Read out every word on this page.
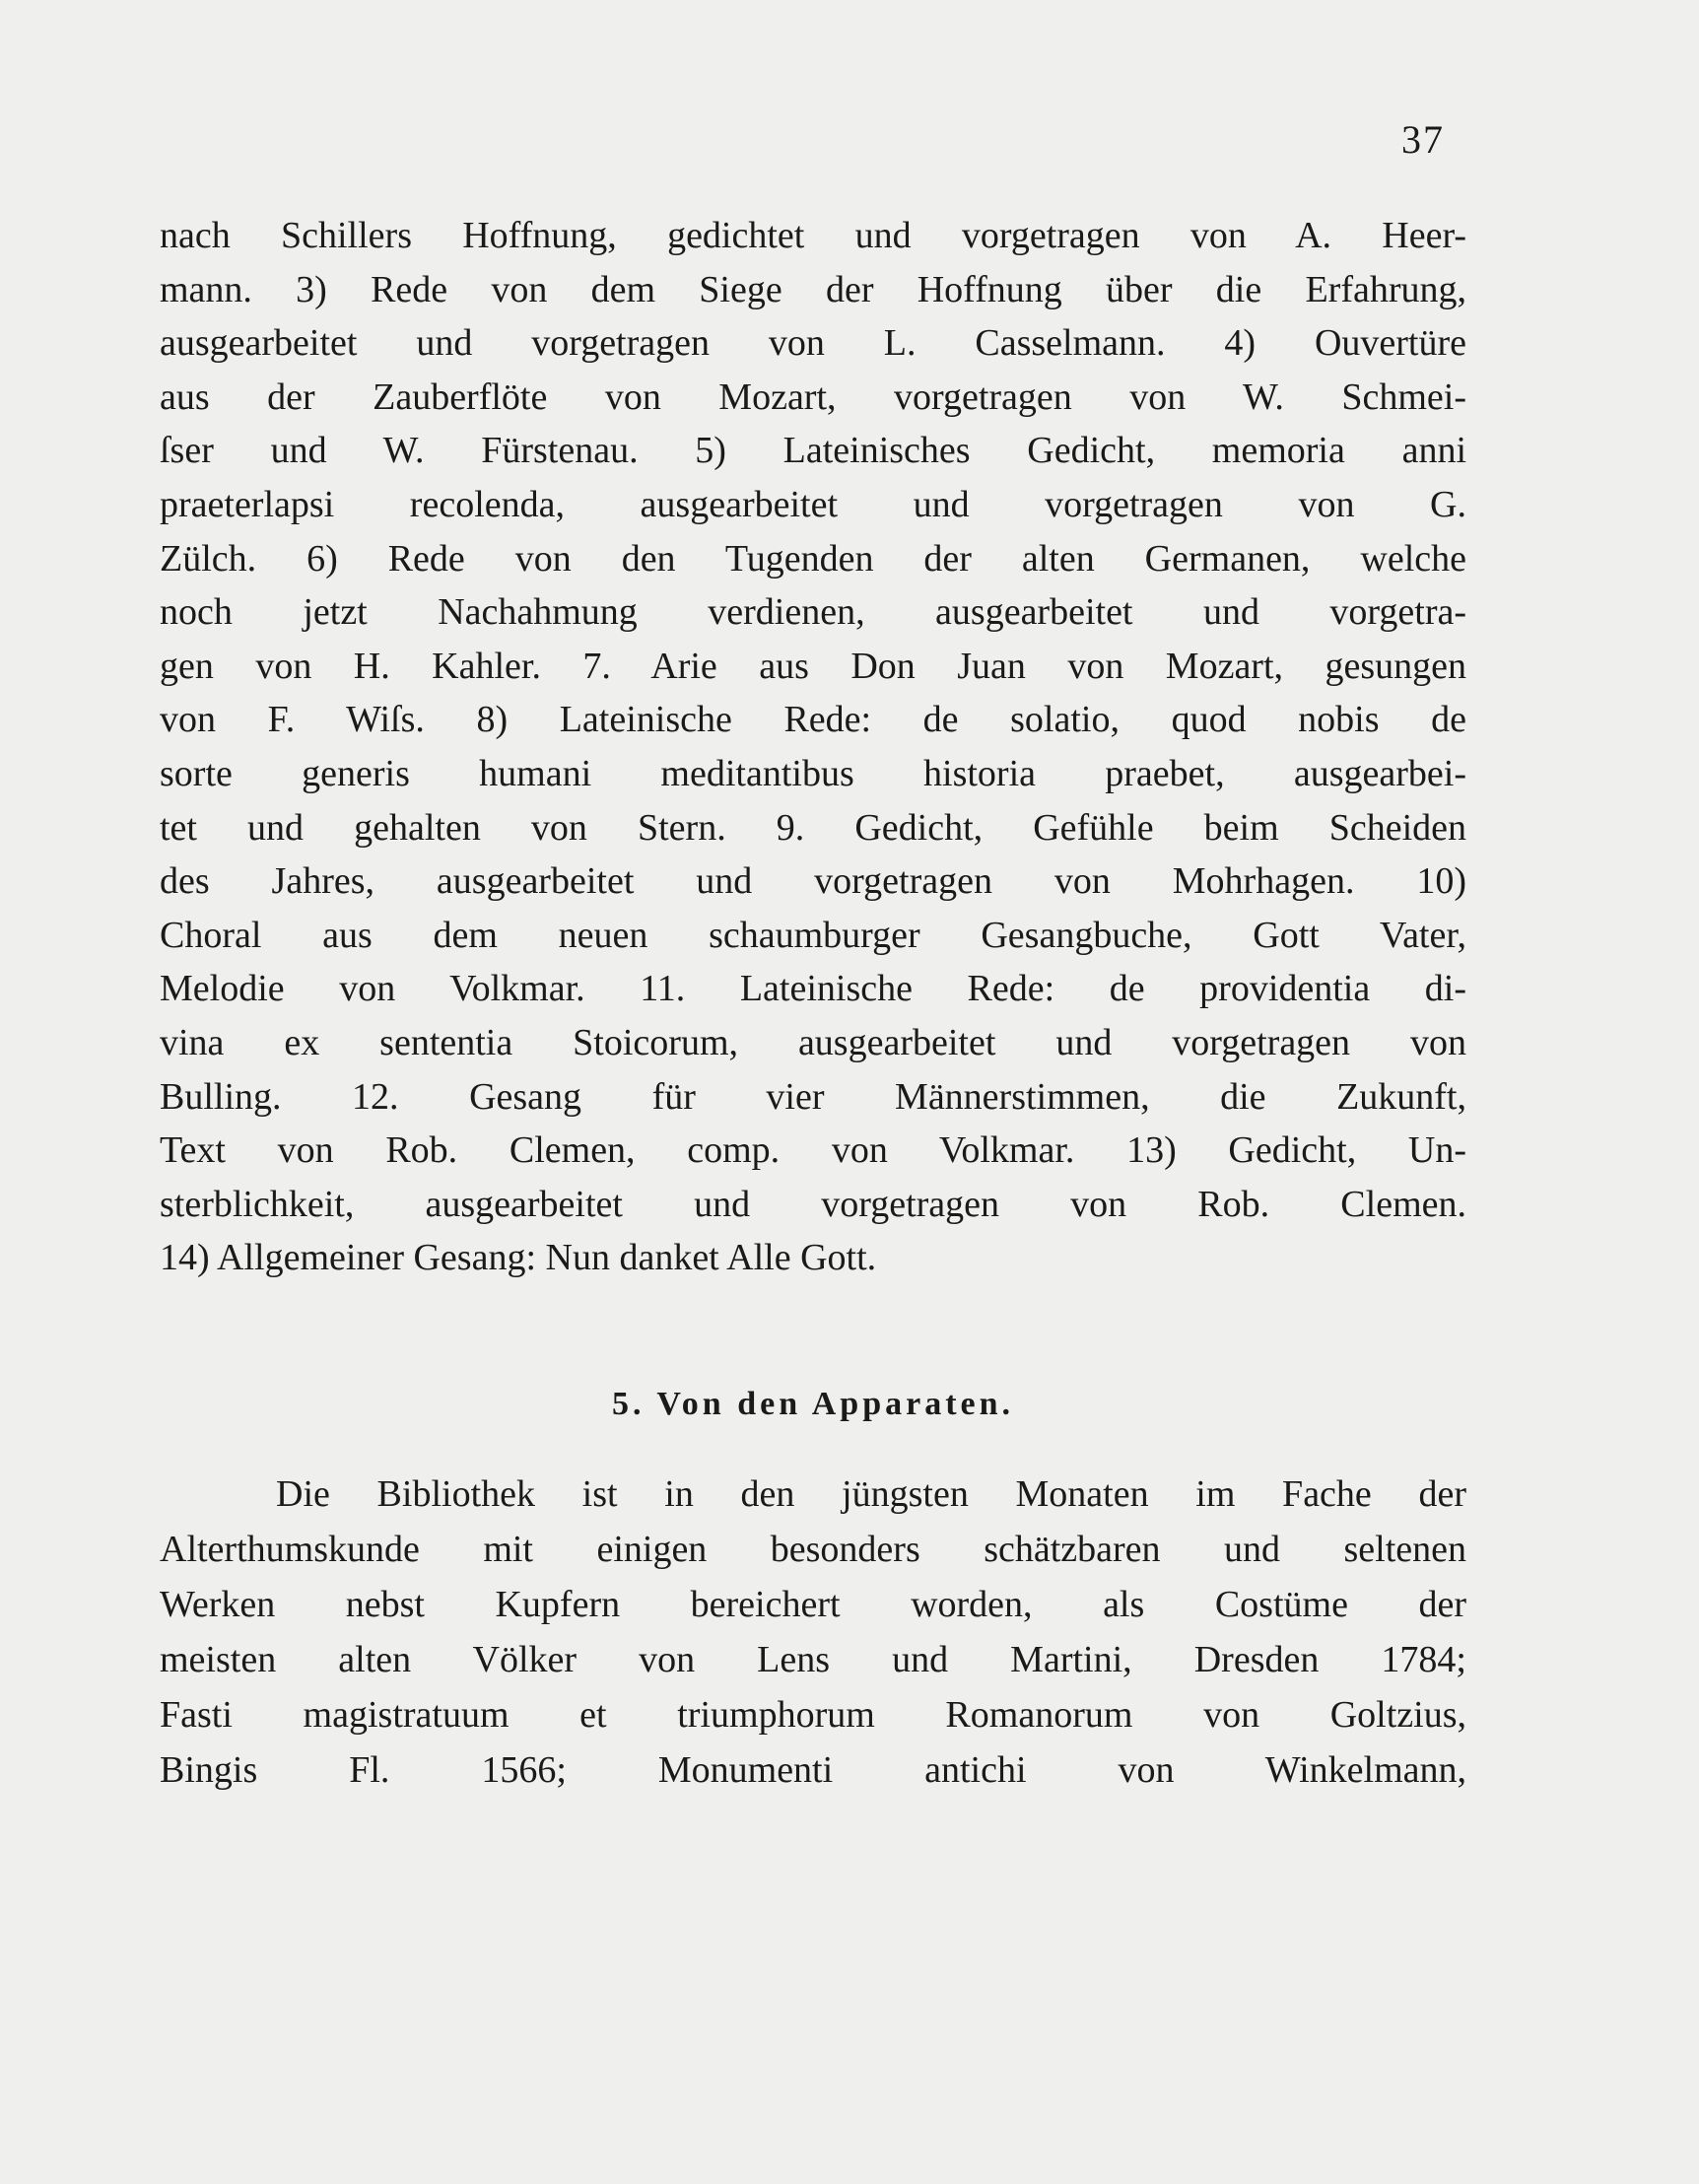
37
nach Schillers Hoffnung, gedichtet und vorgetragen von A. Heer-
mann. 3) Rede von dem Siege der Hoffnung über die Erfahrung,
ausgearbeitet und vorgetragen von L. Casselmann. 4) Ouvertüre
aus der Zauberflöte von Mozart, vorgetragen von W. Schmei-
ſser und W. Fürstenau. 5) Lateinisches Gedicht, memoria anni
praeterlapsi recolenda, ausgearbeitet und vorgetragen von G.
Zülch. 6) Rede von den Tugenden der alten Germanen, welche
noch jetzt Nachahmung verdienen, ausgearbeitet und vorgetra-
gen von H. Kahler. 7. Arie aus Don Juan von Mozart, gesungen
von F. Wiſs. 8) Lateinische Rede: de solatio, quod nobis de
sorte generis humani meditantibus historia praebet, ausgearbei-
tet und gehalten von Stern. 9. Gedicht, Gefühle beim Scheiden
des Jahres, ausgearbeitet und vorgetragen von Mohrhagen. 10)
Choral aus dem neuen schaumburger Gesangbuche, Gott Vater,
Melodie von Volkmar. 11. Lateinische Rede: de providentia di-
vina ex sententia Stoicorum, ausgearbeitet und vorgetragen von
Bulling. 12. Gesang für vier Männerstimmen, die Zukunft,
Text von Rob. Clemen, comp. von Volkmar. 13) Gedicht, Un-
sterblichkeit, ausgearbeitet und vorgetragen von Rob. Clemen.
14) Allgemeiner Gesang: Nun danket Alle Gott.
5. Von den Apparaten.
Die Bibliothek ist in den jüngsten Monaten im Fache der
Alterthumskunde mit einigen besonders schätzbaren und seltenen
Werken nebst Kupfern bereichert worden, als Costüme der
meisten alten Völker von Lens und Martini, Dresden 1784;
Fasti magistratuum et triumphorum Romanorum von Goltzius,
Bingis Fl. 1566; Monumenti antichi von Winkelmann,
